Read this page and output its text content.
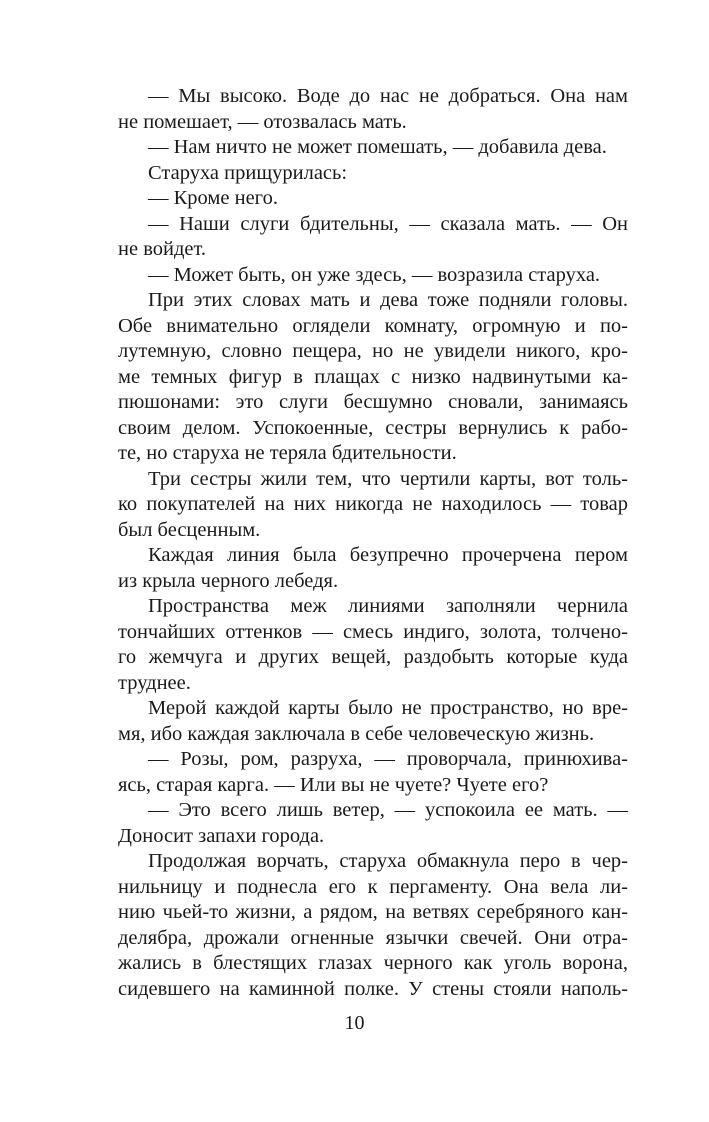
— Мы высоко. Воде до нас не добраться. Она нам
не помешает, — отозвалась мать.
— Нам ничто не может помешать, — добавила дева.
Старуха прищурилась:
— Кроме него.
— Наши слуги бдительны, — сказала мать. — Он
не войдет.
— Может быть, он уже здесь, — возразила старуха.
При этих словах мать и дева тоже подняли головы.
Обе внимательно оглядели комнату, огромную и по-
лутемную, словно пещера, но не увидели никого, кро-
ме темных фигур в плащах с низко надвинутыми ка-
пюшонами: это слуги бесшумно сновали, занимаясь
своим делом. Успокоенные, сестры вернулись к рабо-
те, но старуха не теряла бдительности.
Три сестры жили тем, что чертили карты, вот толь-
ко покупателей на них никогда не находилось — товар
был бесценным.
Каждая линия была безупречно прочерчена пером
из крыла черного лебедя.
Пространства меж линиями заполняли чернила
тончайших оттенков — смесь индиго, золота, толчено-
го жемчуга и других вещей, раздобыть которые куда
труднее.
Мерой каждой карты было не пространство, но вре-
мя, ибо каждая заключала в себе человеческую жизнь.
— Розы, ром, разруха, — проворчала, принюхива-
ясь, старая карга. — Или вы не чуете? Чуете его?
— Это всего лишь ветер, — успокоила ее мать. —
Доносит запахи города.
Продолжая ворчать, старуха обмакнула перо в чер-
нильницу и поднесла его к пергаменту. Она вела ли-
нию чьей-то жизни, а рядом, на ветвях серебряного кан-
делябра, дрожали огненные язычки свечей. Они отра-
жались в блестящих глазах черного как уголь ворона,
сидевшего на каминной полке. У стены стояли наполь-
10
